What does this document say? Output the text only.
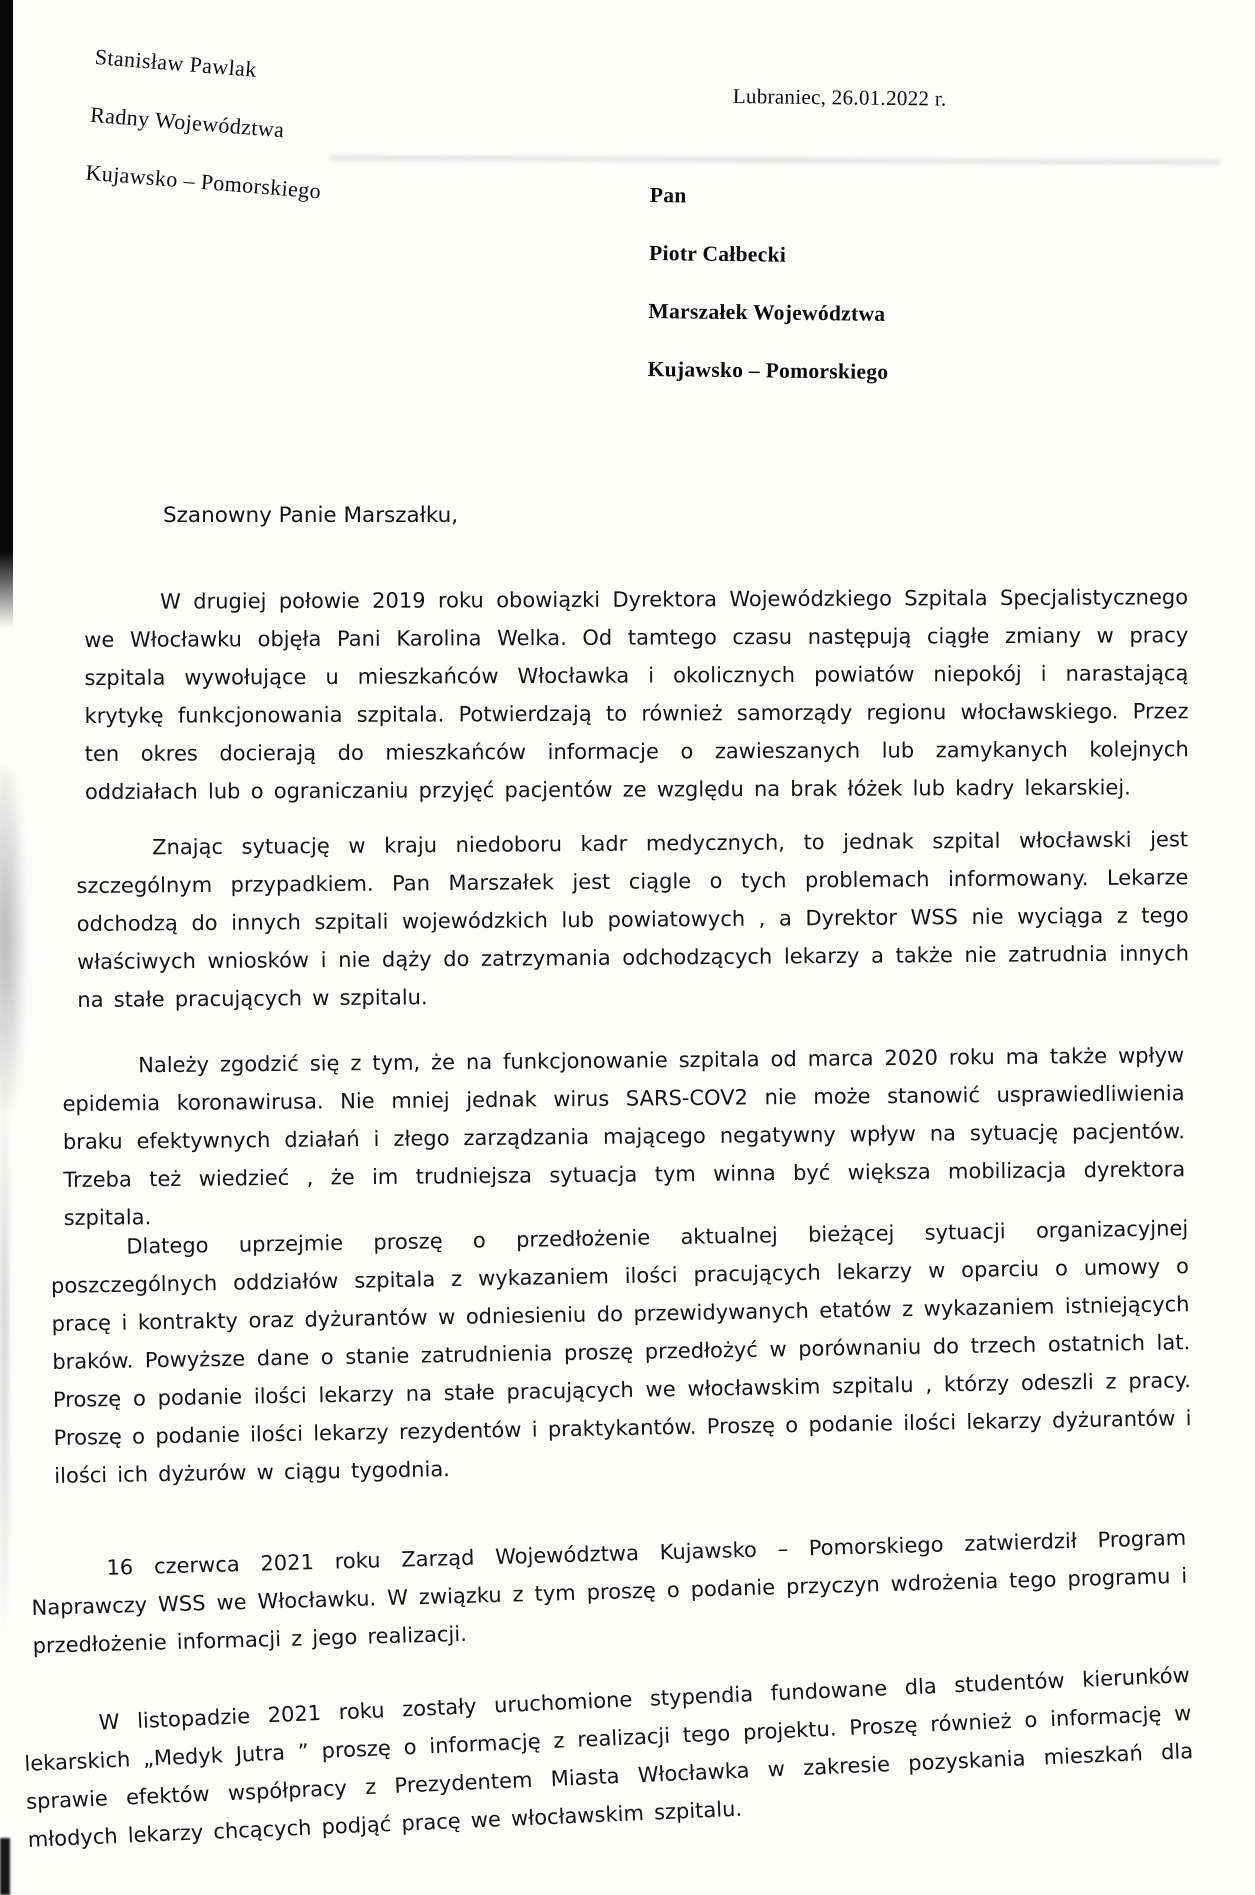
Stanisław Pawlak
Radny Województwa
Kujawsko – Pomorskiego
Lubraniec, 26.01.2022 r.
Pan
Piotr Całbecki
Marszałek Województwa
Kujawsko – Pomorskiego
Szanowny Panie Marszałku,

W drugiej połowie 2019 roku obowiązki Dyrektora Wojewódzkiego Szpitala Specjalistycznego we Włocławku objęła Pani Karolina Welka. Od tamtego czasu następują ciągłe zmiany w pracy szpitala wywołujące u mieszkańców Włocławka i okolicznych powiatów niepokój i narastającą krytykę funkcjonowania szpitala. Potwierdzają to również samorządy regionu włocławskiego. Przez ten okres docierają do mieszkańców informacje o zawieszanych lub zamykanych kolejnych oddziałach lub o ograniczaniu przyjęć pacjentów ze względu na brak łóżek lub kadry lekarskiej.

Znając sytuację w kraju niedoboru kadr medycznych, to jednak szpital włocławski jest szczególnym przypadkiem. Pan Marszałek jest ciągle o tych problemach informowany. Lekarze odchodzą do innych szpitali wojewódzkich lub powiatowych , a Dyrektor WSS nie wyciąga z tego właściwych wniosków i nie dąży do zatrzymania odchodzących lekarzy a także nie zatrudnia innych na stałe pracujących w szpitalu.

Należy zgodzić się z tym, że na funkcjonowanie szpitala od marca 2020 roku ma także wpływ epidemia koronawirusa. Nie mniej jednak wirus SARS-COV2 nie może stanowić usprawiedliwienia braku efektywnych działań i złego zarządzania mającego negatywny wpływ na sytuację pacjentów. Trzeba też wiedzieć , że im trudniejsza sytuacja tym winna być większa mobilizacja dyrektora szpitala.

Dlatego uprzejmie proszę o przedłożenie aktualnej bieżącej sytuacji organizacyjnej poszczególnych oddziałów szpitala z wykazaniem ilości pracujących lekarzy w oparciu o umowy o pracę i kontrakty oraz dyżurantów w odniesieniu do przewidywanych etatów z wykazaniem istniejących braków. Powyższe dane o stanie zatrudnienia proszę przedłożyć w porównaniu do trzech ostatnich lat. Proszę o podanie ilości lekarzy na stałe pracujących we włocławskim szpitalu , którzy odeszli z pracy. Proszę o podanie ilości lekarzy rezydentów i praktykantów. Proszę o podanie ilości lekarzy dyżurantów i ilości ich dyżurów w ciągu tygodnia.

16 czerwca 2021 roku Zarząd Województwa Kujawsko – Pomorskiego zatwierdził Program Naprawczy WSS we Włocławku. W związku z tym proszę o podanie przyczyn wdrożenia tego programu i przedłożenie informacji z jego realizacji.

W listopadzie 2021 roku zostały uruchomione stypendia fundowane dla studentów kierunków lekarskich „Medyk Jutra ” proszę o informację z realizacji tego projektu. Proszę również o informację w sprawie efektów współpracy z Prezydentem Miasta Włocławka w zakresie pozyskania mieszkań dla młodych lekarzy chcących podjąć pracę we włocławskim szpitalu.
